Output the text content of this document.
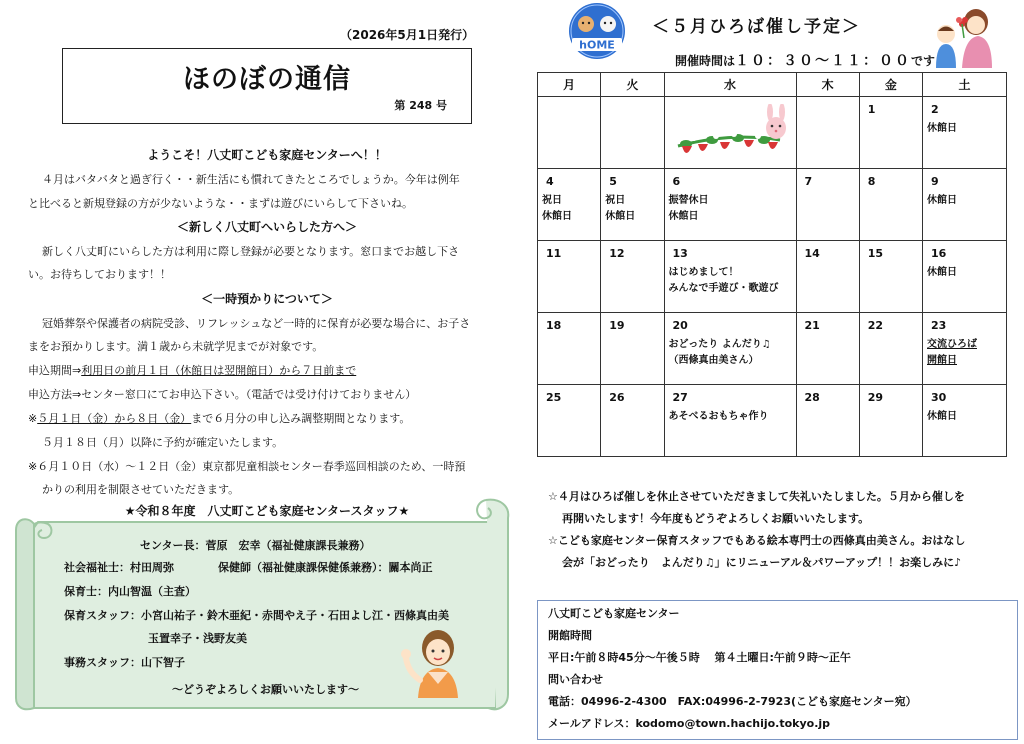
（2026年5月1日発行）
ほのぼの通信
第 248 号
ようこそ！八丈町こども家庭センターへ！！
４月はバタバタと過ぎ行く・・新生活にも慣れてきたところでしょうか。今年は例年
と比べると新規登録の方が少ないような・・まずは遊びにいらして下さいね。
＜新しく八丈町へいらした方へ＞
新しく八丈町にいらした方は利用に際し登録が必要となります。窓口までお越し下さ
い。お待ちしております！！
＜一時預かりについて＞
冠婚葬祭や保護者の病院受診、リフレッシュなど一時的に保育が必要な場合に、お子さ
まをお預かりします。満１歳から未就学児までが対象です。
申込期間⇒利用日の前月１日（休館日は翌開館日）から７日前まで
申込方法⇒センター窓口にてお申込下さい。（電話では受け付けておりません）
※５月１日（金）から８日（金）まで６月分の申し込み調整期間となります。
５月１８日（月）以降に予約が確定いたします。
※６月１０日（水）～１２日（金）東京都児童相談センター春季巡回相談のため、一時預
かりの利用を制限させていただきます。
★令和８年度　八丈町こども家庭センタースタッフ★
センター長：菅原　宏幸（福祉健康課長兼務）
社会福祉士：村田周弥	保健師（福祉健康課保健係兼務）：關本尚正
保育士：内山智温（主査）
保育スタッフ：小宮山祐子・鈴木亜紀・赤間やえ子・石田よし江・西條真由美
玉置幸子・浅野友美
事務スタッフ：山下智子
～どうぞよろしくお願いいたします～
hOME
＜５月ひろば催し予定＞
開催時間は１０：３０～１１：００です
月	火	水	木	金	土

				1	2
休館日

4
祝日
休館日	5
祝日
休館日	6
振替休日
休館日	7	8	9
休館日

11	12	13
はじめまして！
みんなで手遊び・歌遊び	14	15	16
休館日

18	19	20
おどったり よんだり♫
（西條真由美さん）	21	22	23
交流ひろば
開館日

25	26	27
あそべるおもちゃ作り	28	29	30
休館日
☆４月はひろば催しを休止させていただきまして失礼いたしました。５月から催しを
再開いたします！今年度もどうぞよろしくお願いいたします。
☆こども家庭センター保育スタッフでもある絵本専門士の西條真由美さん。おはなし
会が「おどったり　よんだり♫」にリニューアル＆パワーアップ！！お楽しみに♪
八丈町こども家庭センター
開館時間
平日:午前８時45分～午後５時　 第４土曜日:午前９時～正午
問い合わせ
電話：04996-2-4300　FAX:04996-2-7923(こども家庭センター宛）
メールアドレス：kodomo@town.hachijo.tokyo.jp
